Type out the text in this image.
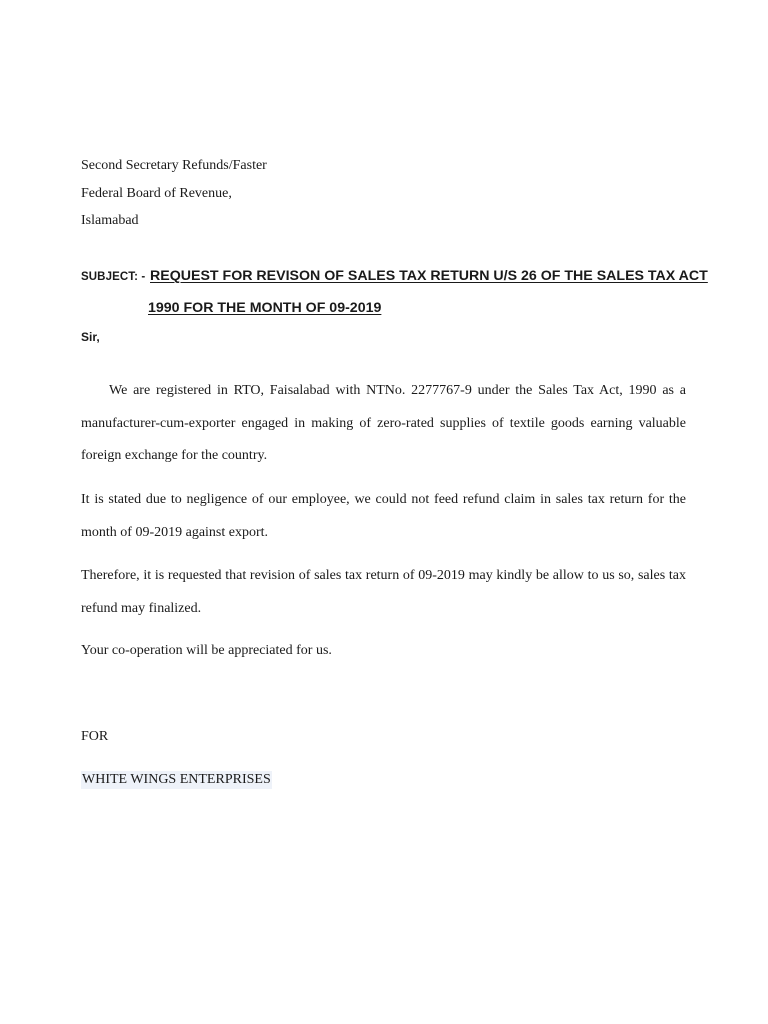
Second Secretary Refunds/Faster
Federal Board of Revenue,
Islamabad
SUBJECT: - REQUEST FOR REVISON OF SALES TAX RETURN U/S 26 OF THE SALES TAX ACT
1990 FOR THE MONTH OF 09-2019
Sir,
We are registered in RTO, Faisalabad with NTNo. 2277767-9 under the Sales Tax Act, 1990 as a manufacturer-cum-exporter engaged in making of zero-rated supplies of textile goods earning valuable foreign exchange for the country.
It is stated due to negligence of our employee, we could not feed refund claim in sales tax return for the month of 09-2019 against export.
Therefore, it is requested that revision of sales tax return of 09-2019 may kindly be allow to us so, sales tax refund may finalized.
Your co-operation will be appreciated for us.
FOR
WHITE WINGS ENTERPRISES
